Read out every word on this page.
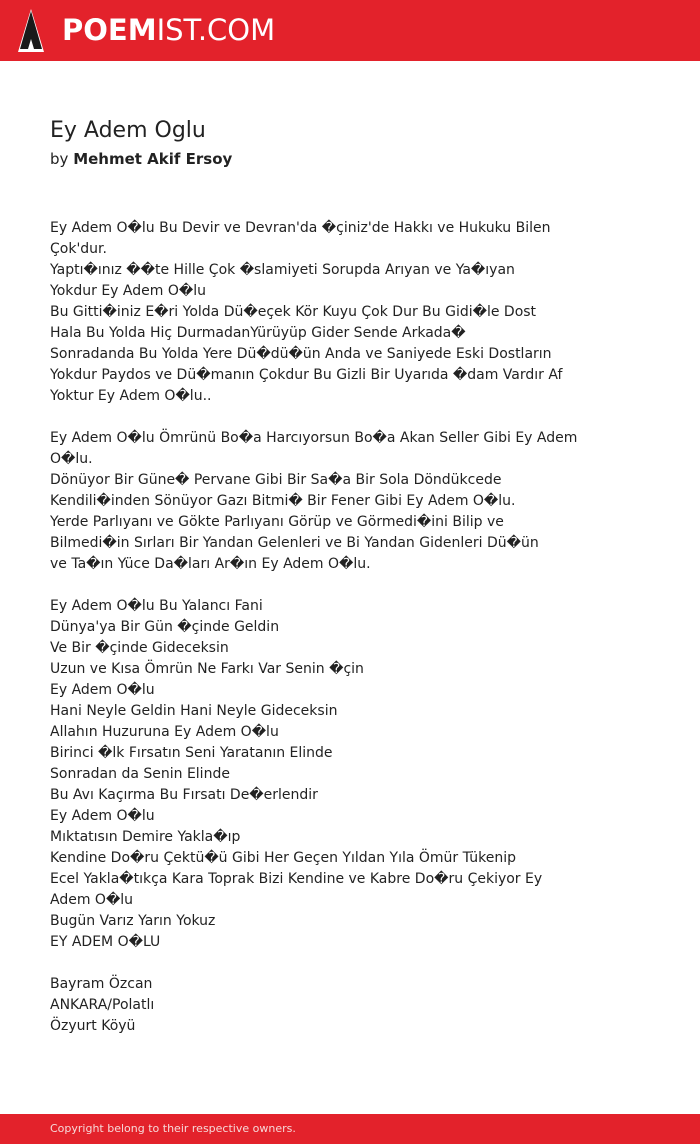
POEMIST.COM
Ey Adem Oglu
by Mehmet Akif Ersoy
Ey Adem O�lu Bu Devir ve Devran'da �çiniz'de Hakkı ve Hukuku Bilen
Çok'dur.
Yaptı�ınız ��te Hille Çok �slamiyeti Sorupda Arıyan ve Ya�ıyan
Yokdur Ey Adem O�lu
Bu Gitti�iniz E�ri Yolda Dü�eçek Kör Kuyu Çok Dur Bu Gidi�le Dost
Hala Bu Yolda Hiç DurmadanYürüyüp Gider Sende Arkada�
Sonradanda Bu Yolda Yere Dü�dü�ün Anda ve Saniyede Eski Dostların
Yokdur Paydos ve Dü�manın Çokdur Bu Gizli Bir Uyarıda �dam Vardır Af
Yoktur Ey Adem O�lu..
Ey Adem O�lu Ömrünü Bo�a Harcıyorsun Bo�a Akan Seller Gibi Ey Adem
O�lu.
Dönüyor Bir Güne� Pervane Gibi Bir Sa�a Bir Sola Döndükcede
Kendili�inden Sönüyor Gazı Bitmi� Bir Fener Gibi Ey Adem O�lu.
Yerde Parlıyanı ve Gökte Parlıyanı Görüp ve Görmedi�ini Bilip ve
Bilmedi�in Sırları Bir Yandan Gelenleri ve Bi Yandan Gidenleri Dü�ün
ve Ta�ın Yüce Da�ları Ar�ın Ey Adem O�lu.
Ey Adem O�lu Bu Yalancı Fani
Dünya'ya Bir Gün �çinde Geldin
Ve Bir �çinde Gideceksin
Uzun ve Kısa Ömrün Ne Farkı Var Senin �çin
Ey Adem O�lu
Hani Neyle Geldin Hani Neyle Gideceksin
Allahın Huzuruna Ey Adem O�lu
Birinci �lk Fırsatın Seni Yaratanın Elinde
Sonradan da Senin Elinde
Bu Avı Kaçırma Bu Fırsatı De�erlendir
Ey Adem O�lu
Mıktatısın Demire Yakla�ıp
Kendine Do�ru Çektü�ü Gibi Her Geçen Yıldan Yıla Ömür Tükenip
Ecel Yakla�tıkça Kara Toprak Bizi Kendine ve Kabre Do�ru Çekiyor Ey
Adem O�lu
Bugün Varız Yarın Yokuz
EY ADEM O�LU
Bayram Özcan
ANKARA/Polatlı
Özyurt Köyü
Copyright belong to their respective owners.
